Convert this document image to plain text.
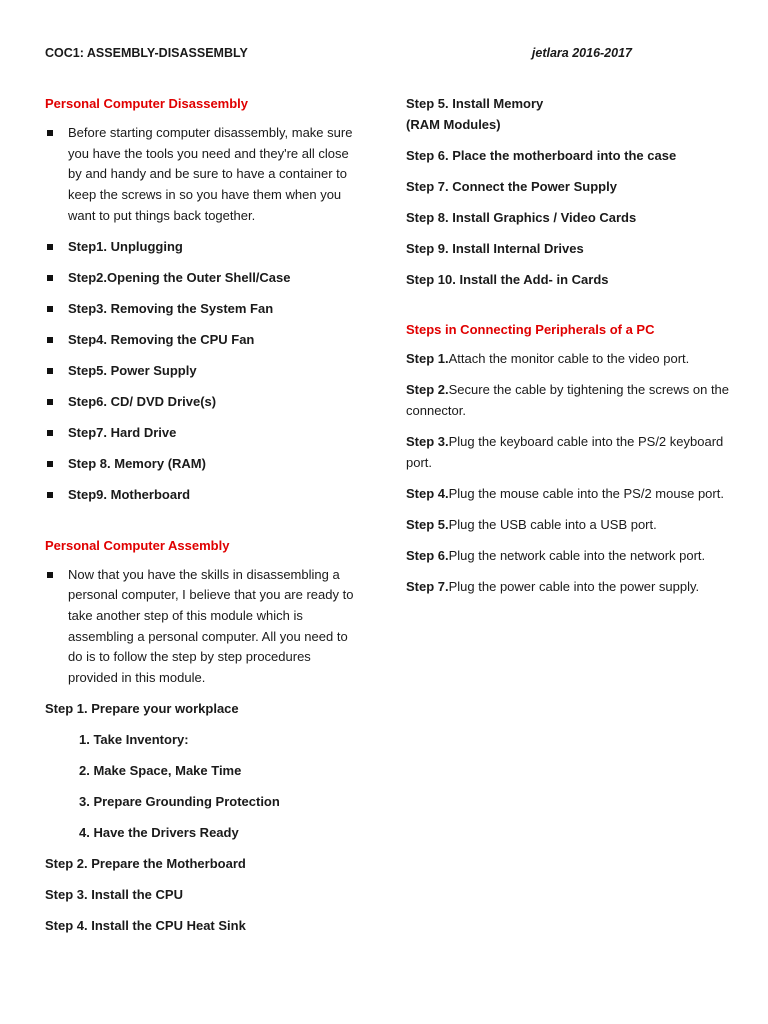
COC1: ASSEMBLY-DISASSEMBLY	jetlara 2016-2017
Personal Computer Disassembly
Before starting computer disassembly, make sure you have the tools you need and they're all close by and handy and be sure to have a container to keep the screws in so you have them when you want to put things back together.
Step1. Unplugging
Step2.Opening the Outer Shell/Case
Step3. Removing the System Fan
Step4. Removing the CPU Fan
Step5. Power Supply
Step6. CD/ DVD Drive(s)
Step7. Hard Drive
Step 8. Memory (RAM)
Step9. Motherboard
Personal Computer Assembly
Now that you have the skills in disassembling a personal computer, I believe that you are ready to take another step of this module which is assembling a personal computer. All you need to do is to follow the step by step procedures provided in this module.
Step 1. Prepare your workplace
1. Take Inventory:
2. Make Space, Make Time
3. Prepare Grounding Protection
4. Have the Drivers Ready
Step 2. Prepare the Motherboard
Step 3. Install the CPU
Step 4. Install the CPU Heat Sink
Step 5. Install Memory
(RAM Modules)
Step 6. Place the motherboard into the case
Step 7. Connect the Power Supply
Step 8. Install Graphics / Video Cards
Step 9. Install Internal Drives
Step 10. Install the Add- in Cards
Steps in Connecting Peripherals of a PC
Step 1.Attach the monitor cable to the video port.
Step 2.Secure the cable by tightening the screws on the connector.
Step 3.Plug the keyboard cable into the PS/2 keyboard port.
Step 4.Plug the mouse cable into the PS/2 mouse port.
Step 5.Plug the USB cable into a USB port.
Step 6.Plug the network cable into the network port.
Step 7.Plug the power cable into the power supply.
